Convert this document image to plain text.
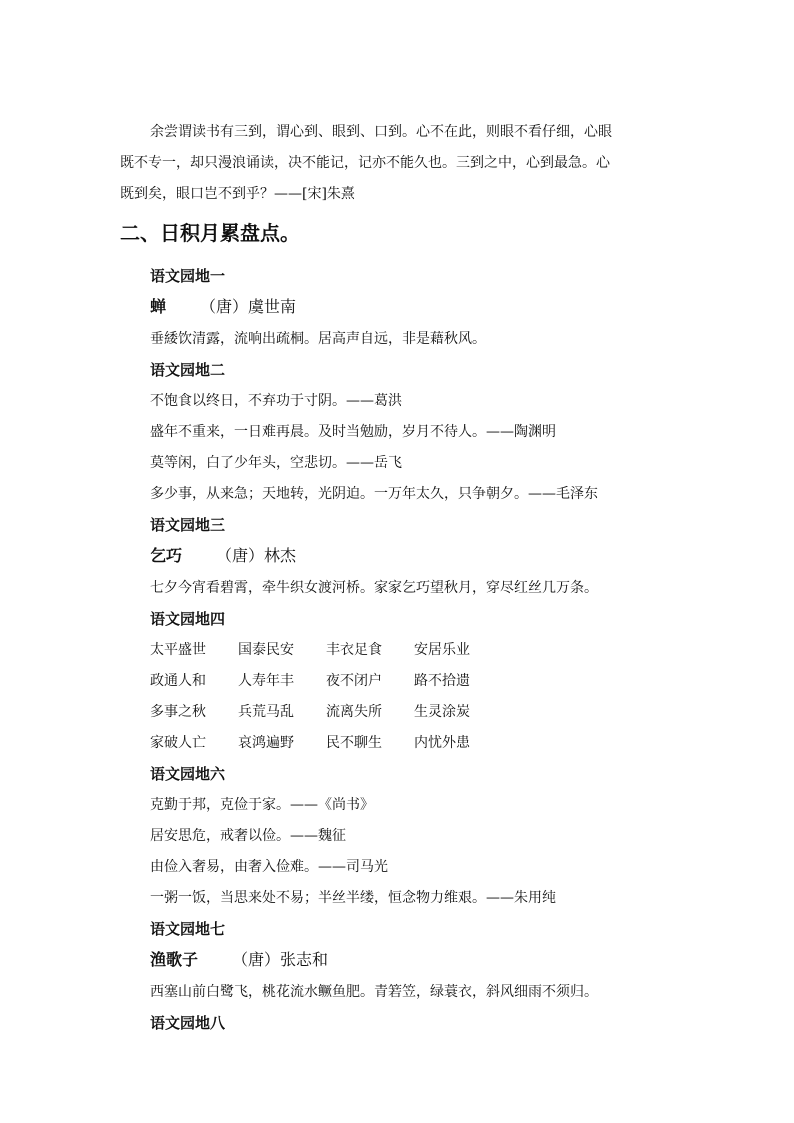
余尝谓读书有三到，谓心到、眼到、口到。心不在此，则眼不看仔细，心眼
既不专一，却只漫浪诵读，决不能记，记亦不能久也。三到之中，心到最急。心
既到矣，眼口岂不到乎？——[宋]朱熹
二、日积月累盘点。
语文园地一
蝉 （唐）虞世南
垂緌饮清露，流响出疏桐。居高声自远，非是藉秋风。
语文园地二
不饱食以终日，不弃功于寸阴。——葛洪
盛年不重来，一日难再晨。及时当勉励，岁月不待人。——陶渊明
莫等闲，白了少年头，空悲切。——岳飞
多少事，从来急；天地转，光阴迫。一万年太久，只争朝夕。——毛泽东
语文园地三
乞巧 （唐）林杰
七夕今宵看碧霄，牵牛织女渡河桥。家家乞巧望秋月，穿尽红丝几万条。
语文园地四
太平盛世 国泰民安 丰衣足食 安居乐业
政通人和 人寿年丰 夜不闭户 路不拾遗
多事之秋 兵荒马乱 流离失所 生灵涂炭
家破人亡 哀鸿遍野 民不聊生 内忧外患
语文园地六
克勤于邦，克俭于家。——《尚书》
居安思危，戒奢以俭。——魏征
由俭入奢易，由奢入俭难。——司马光
一粥一饭，当思来处不易；半丝半缕，恒念物力维艰。——朱用纯
语文园地七
渔歌子 （唐）张志和
西塞山前白鹭飞，桃花流水鳜鱼肥。青箬笠，绿蓑衣，斜风细雨不须归。
语文园地八
